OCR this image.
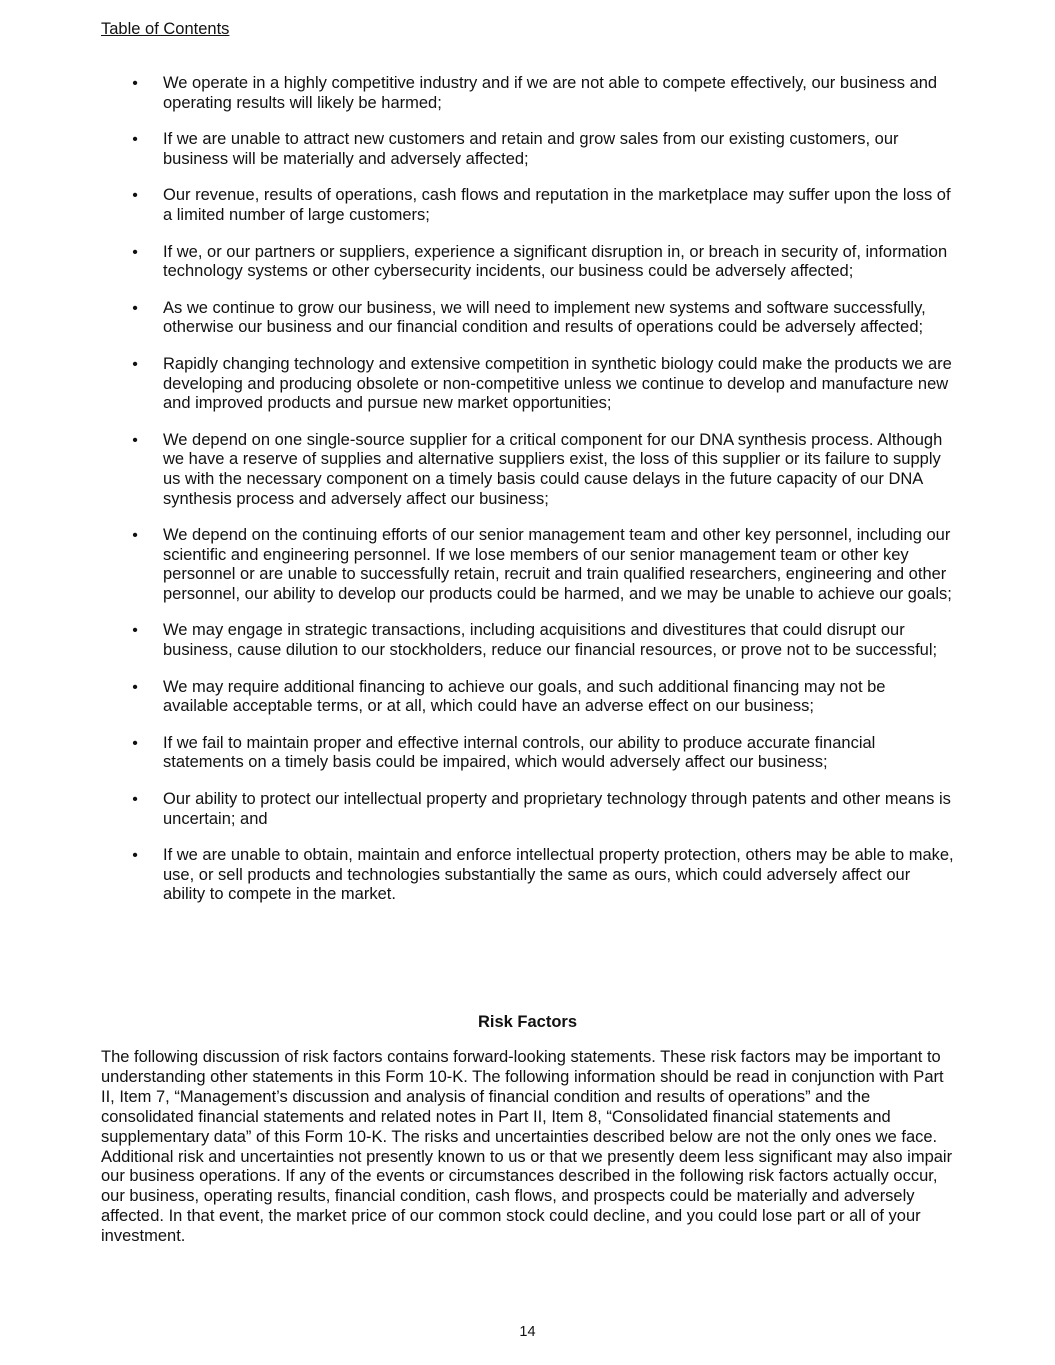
Table of Contents
• We operate in a highly competitive industry and if we are not able to compete effectively, our business and operating results will likely be harmed;
• If we are unable to attract new customers and retain and grow sales from our existing customers, our business will be materially and adversely affected;
• Our revenue, results of operations, cash flows and reputation in the marketplace may suffer upon the loss of a limited number of large customers;
• If we, or our partners or suppliers, experience a significant disruption in, or breach in security of, information technology systems or other cybersecurity incidents, our business could be adversely affected;
• As we continue to grow our business, we will need to implement new systems and software successfully, otherwise our business and our financial condition and results of operations could be adversely affected;
• Rapidly changing technology and extensive competition in synthetic biology could make the products we are developing and producing obsolete or non-competitive unless we continue to develop and manufacture new and improved products and pursue new market opportunities;
• We depend on one single-source supplier for a critical component for our DNA synthesis process. Although we have a reserve of supplies and alternative suppliers exist, the loss of this supplier or its failure to supply us with the necessary component on a timely basis could cause delays in the future capacity of our DNA synthesis process and adversely affect our business;
• We depend on the continuing efforts of our senior management team and other key personnel, including our scientific and engineering personnel. If we lose members of our senior management team or other key personnel or are unable to successfully retain, recruit and train qualified researchers, engineering and other personnel, our ability to develop our products could be harmed, and we may be unable to achieve our goals;
• We may engage in strategic transactions, including acquisitions and divestitures that could disrupt our business, cause dilution to our stockholders, reduce our financial resources, or prove not to be successful;
• We may require additional financing to achieve our goals, and such additional financing may not be available acceptable terms, or at all, which could have an adverse effect on our business;
• If we fail to maintain proper and effective internal controls, our ability to produce accurate financial statements on a timely basis could be impaired, which would adversely affect our business;
• Our ability to protect our intellectual property and proprietary technology through patents and other means is uncertain; and
• If we are unable to obtain, maintain and enforce intellectual property protection, others may be able to make, use, or sell products and technologies substantially the same as ours, which could adversely affect our ability to compete in the market.
Risk Factors

The following discussion of risk factors contains forward-looking statements. These risk factors may be important to understanding other statements in this Form 10-K. The following information should be read in conjunction with Part II, Item 7, “Management’s discussion and analysis of financial condition and results of operations” and the consolidated financial statements and related notes in Part II, Item 8, “Consolidated financial statements and supplementary data” of this Form 10-K. The risks and uncertainties described below are not the only ones we face. Additional risk and uncertainties not presently known to us or that we presently deem less significant may also impair our business operations. If any of the events or circumstances described in the following risk factors actually occur, our business, operating results, financial condition, cash flows, and prospects could be materially and adversely affected. In that event, the market price of our common stock could decline, and you could lose part or all of your investment.

14
